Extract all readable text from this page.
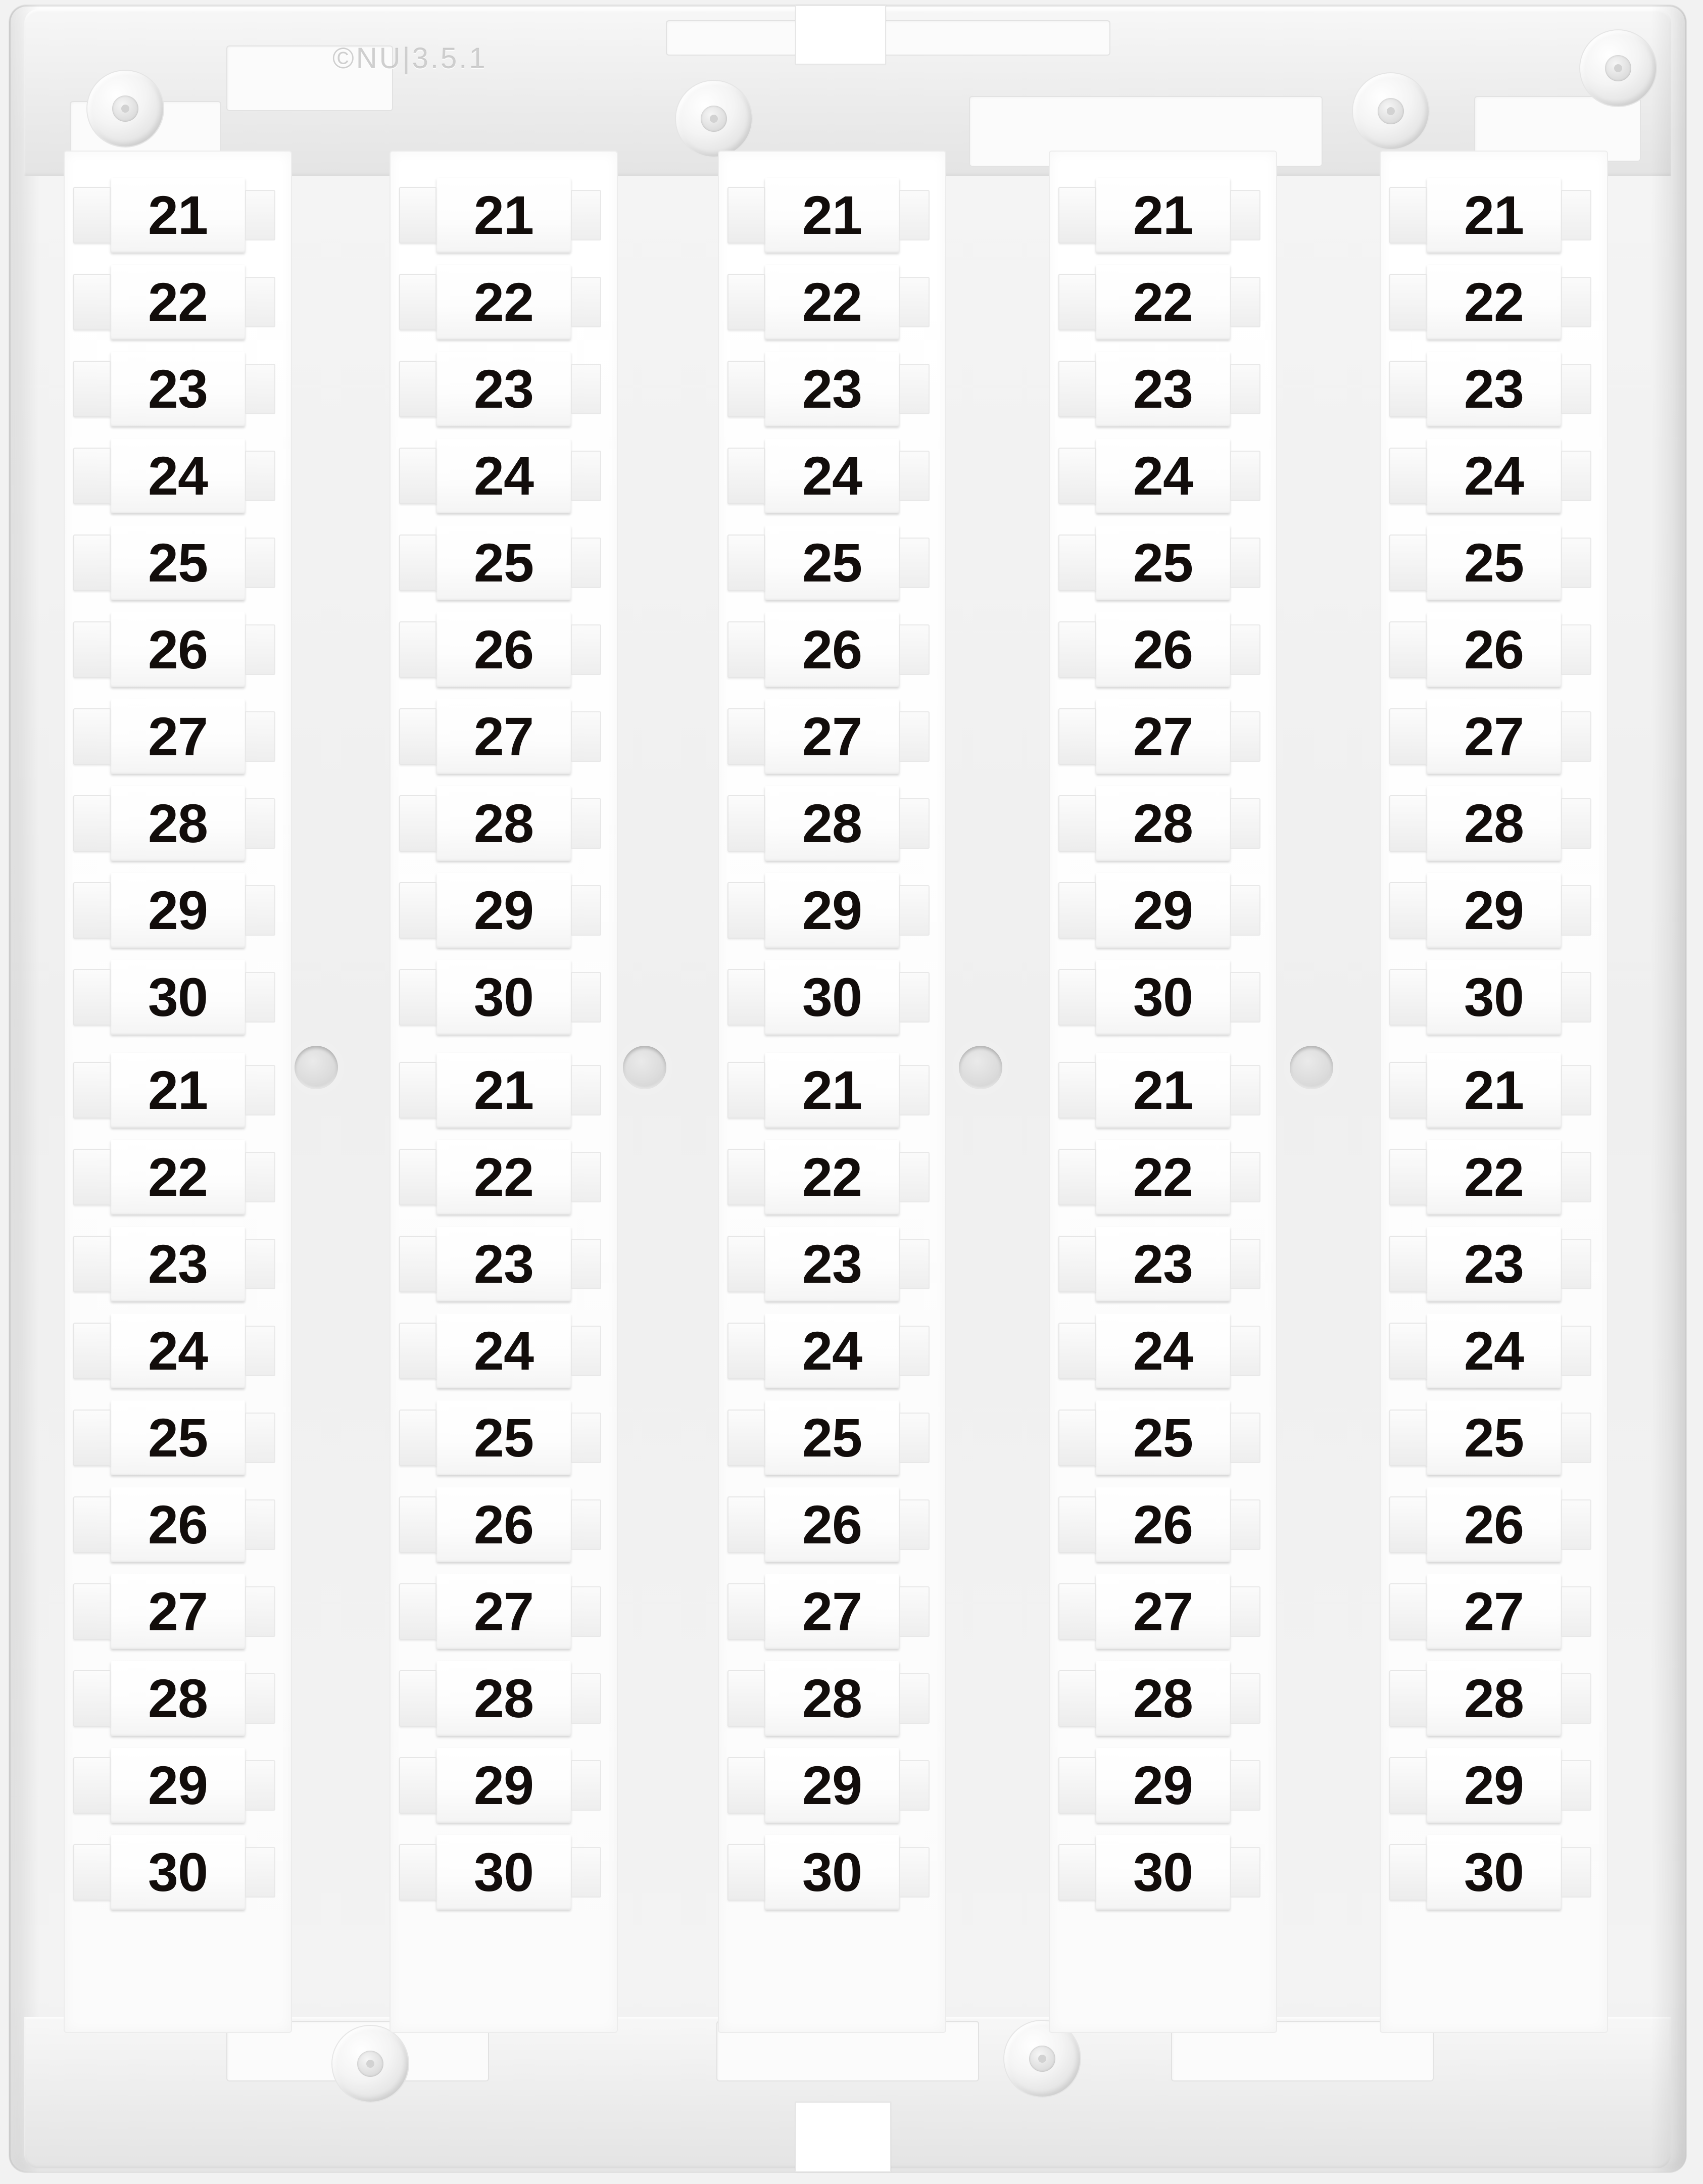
©NU|3.5.1
21
22
23
24
25
26
27
28
29
30
21
22
23
24
25
26
27
28
29
30
21
22
23
24
25
26
27
28
29
30
21
22
23
24
25
26
27
28
29
30
21
22
23
24
25
26
27
28
29
30
21
22
23
24
25
26
27
28
29
30
21
22
23
24
25
26
27
28
29
30
21
22
23
24
25
26
27
28
29
30
21
22
23
24
25
26
27
28
29
30
21
22
23
24
25
26
27
28
29
30
